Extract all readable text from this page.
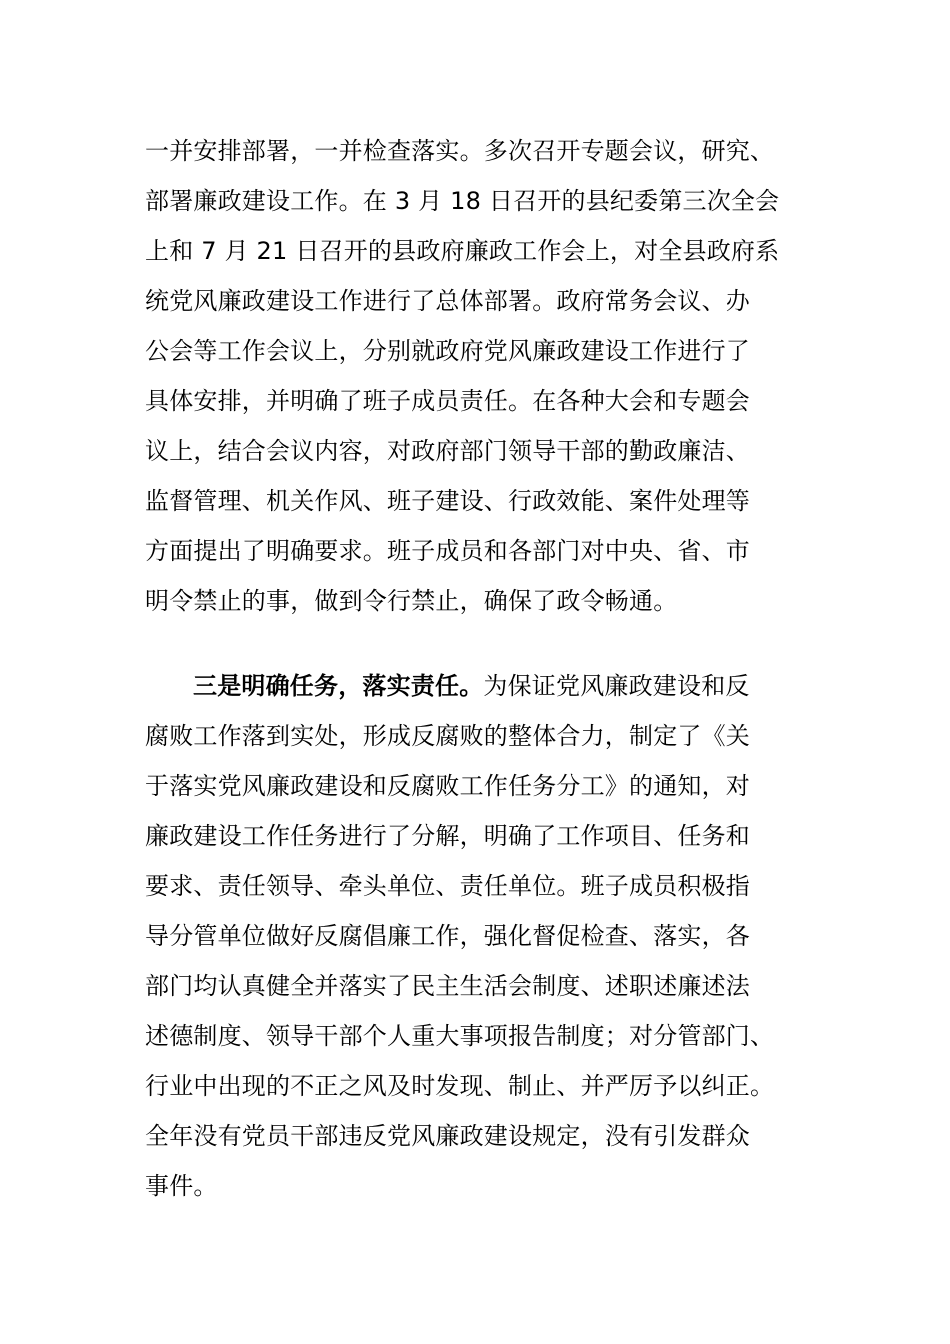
一并安排部署，一并检查落实。多次召开专题会议，研究、
部署廉政建设工作。在 3 月 18 日召开的县纪委第三次全会
上和 7 月 21 日召开的县政府廉政工作会上，对全县政府系
统党风廉政建设工作进行了总体部署。政府常务会议、办
公会等工作会议上，分别就政府党风廉政建设工作进行了
具体安排，并明确了班子成员责任。在各种大会和专题会
议上，结合会议内容，对政府部门领导干部的勤政廉洁、
监督管理、机关作风、班子建设、行政效能、案件处理等
方面提出了明确要求。班子成员和各部门对中央、省、市
明令禁止的事，做到令行禁止，确保了政令畅通。
三是明确任务，落实责任。为保证党风廉政建设和反
腐败工作落到实处，形成反腐败的整体合力，制定了《关
于落实党风廉政建设和反腐败工作任务分工》的通知，对
廉政建设工作任务进行了分解，明确了工作项目、任务和
要求、责任领导、牵头单位、责任单位。班子成员积极指
导分管单位做好反腐倡廉工作，强化督促检查、落实，各
部门均认真健全并落实了民主生活会制度、述职述廉述法
述德制度、领导干部个人重大事项报告制度；对分管部门、
行业中出现的不正之风及时发现、制止、并严厉予以纠正。
全年没有党员干部违反党风廉政建设规定，没有引发群众
事件。
